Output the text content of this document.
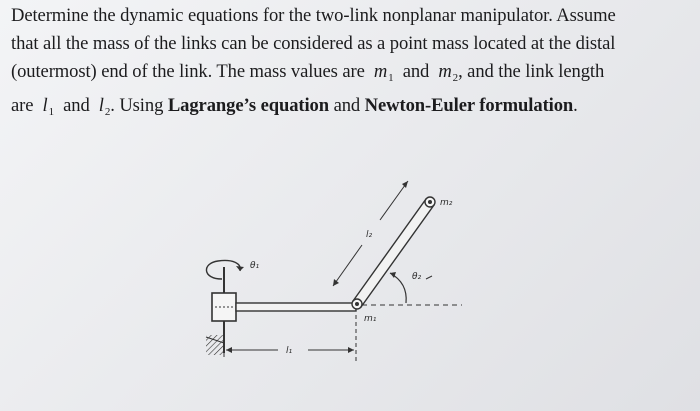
Determine the dynamic equations for the two-link nonplanar manipulator. Assume
that all the mass of the links can be considered as a point mass located at the distal
(outermost) end of the link. The mass values are $m_1$ and $m_2$, and the link length
are $l_1$ and $l_2$. Using Lagrange’s equation and Newton-Euler formulation.
θ₁
l₁
m₁
m₂
l₂
θ₂
